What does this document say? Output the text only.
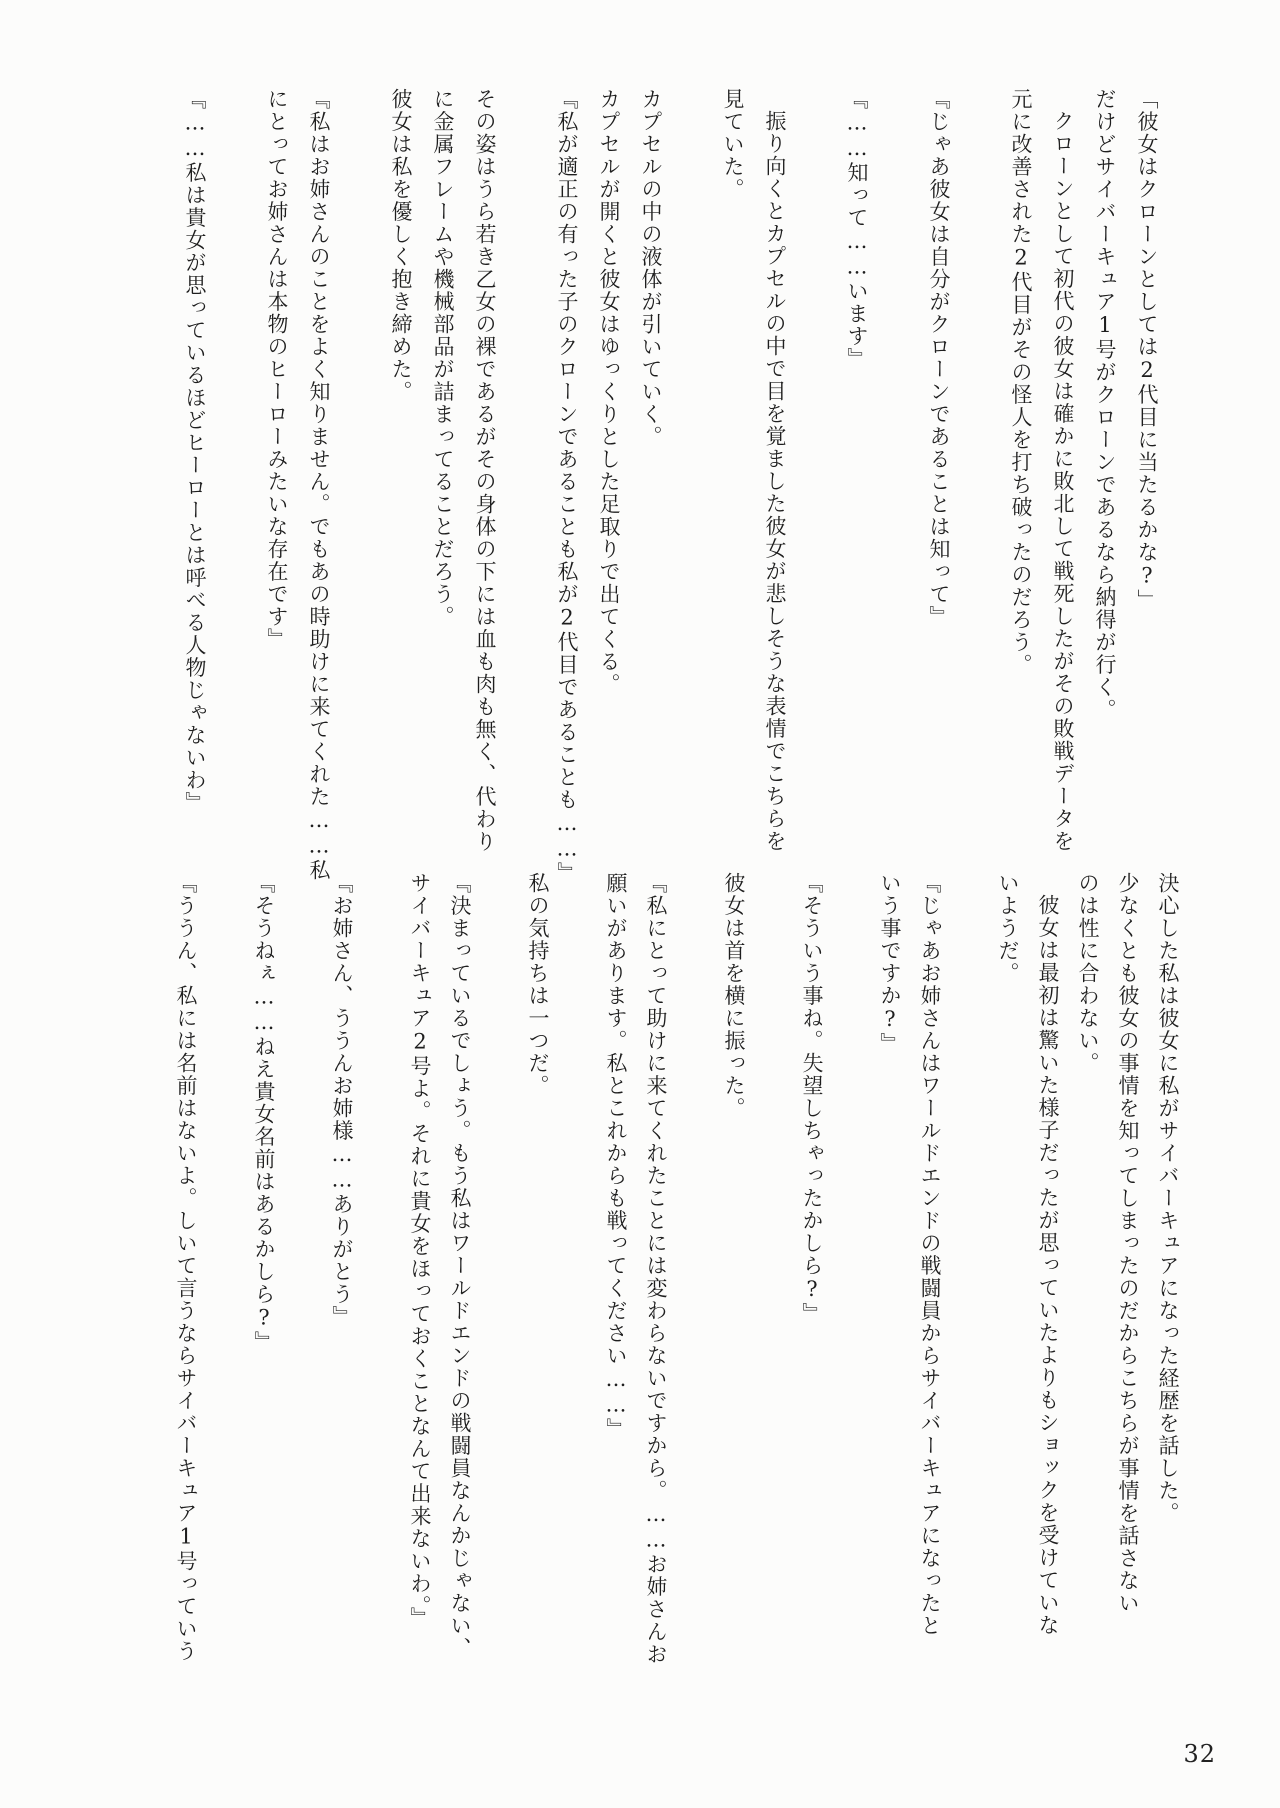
「彼女はクローンとしては2代目に当たるかな?」
だけどサイバーキュア1号がクローンであるなら納得が行く。
クローンとして初代の彼女は確かに敗北して戦死したがその敗戦データを
元に改善された2代目がその怪人を打ち破ったのだろう。
『じゃあ彼女は自分がクローンであることは知って』
『……知って……います』
振り向くとカプセルの中で目を覚ました彼女が悲しそうな表情でこちらを
見ていた。
カプセルの中の液体が引いていく。
カプセルが開くと彼女はゆっくりとした足取りで出てくる。
『私が適正の有った子のクローンであることも私が2代目であることも……』
その姿はうら若き乙女の裸であるがその身体の下には血も肉も無く、代わり
に金属フレームや機械部品が詰まってることだろう。
彼女は私を優しく抱き締めた。
『私はお姉さんのことをよく知りません。でもあの時助けに来てくれた……私
にとってお姉さんは本物のヒーローみたいな存在です』
『……私は貴女が思っているほどヒーローとは呼べる人物じゃないわ』
決心した私は彼女に私がサイバーキュアになった経歴を話した。
少なくとも彼女の事情を知ってしまったのだからこちらが事情を話さない
のは性に合わない。
彼女は最初は驚いた様子だったが思っていたよりもショックを受けていな
いようだ。
『じゃあお姉さんはワールドエンドの戦闘員からサイバーキュアになったと
いう事ですか?』
『そういう事ね。失望しちゃったかしら?』
彼女は首を横に振った。
『私にとって助けに来てくれたことには変わらないですから。……お姉さんお
願いがあります。私とこれからも戦ってください……』
私の気持ちは一つだ。
『決まっているでしょう。もう私はワールドエンドの戦闘員なんかじゃない、
サイバーキュア2号よ。それに貴女をほっておくことなんて出来ないわ。』
『お姉さん、ううんお姉様……ありがとう』
『そうねぇ……ねえ貴女名前はあるかしら?』
『ううん、私には名前はないよ。しいて言うならサイバーキュア1号っていう
32
